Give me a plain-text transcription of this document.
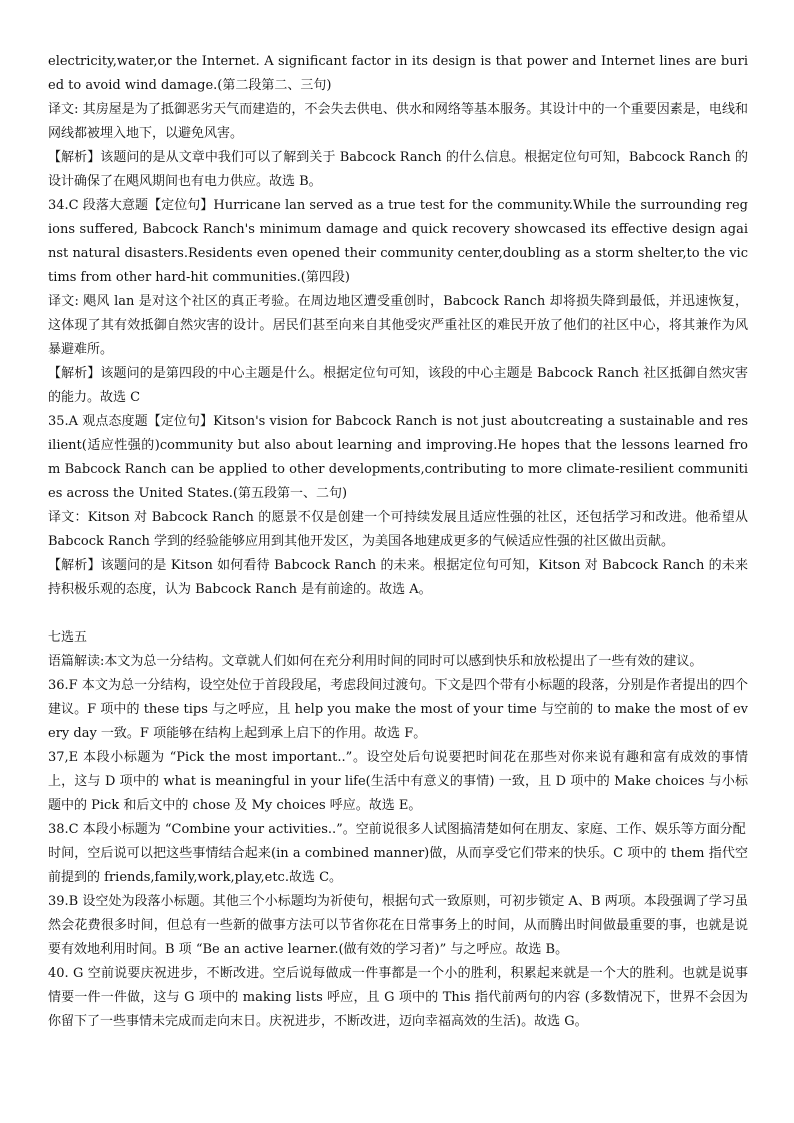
electricity,water,or the Internet. A significant factor in its design is that power and Internet lines are buried to avoid wind damage.(第二段第二、三句)

译文: 其房屋是为了抵御恶劣天气而建造的，不会失去供电、供水和网络等基本服务。其设计中的一个重要因素是，电线和网线都被埋入地下，以避免风害。

【解析】该题问的是从文章中我们可以了解到关于 Babcock Ranch 的什么信息。根据定位句可知，Babcock Ranch 的设计确保了在飓风期间也有电力供应。故选 B。

34.C 段落大意题【定位句】Hurricane lan served as a true test for the community.While the surrounding regions suffered, Babcock Ranch's minimum damage and quick recovery showcased its effective design against natural disasters.Residents even opened their community center,doubling as a storm shelter,to the victims from other hard-hit communities.(第四段)

译文: 飓风 lan 是对这个社区的真正考验。在周边地区遭受重创时，Babcock Ranch 却将损失降到最低，并迅速恢复，这体现了其有效抵御自然灾害的设计。居民们甚至向来自其他受灾严重社区的难民开放了他们的社区中心，将其兼作为风暴避难所。

【解析】该题问的是第四段的中心主题是什么。根据定位句可知，该段的中心主题是 Babcock Ranch 社区抵御自然灾害的能力。故选 C

35.A 观点态度题【定位句】Kitson's vision for Babcock Ranch is not just aboutcreating a sustainable and resilient(适应性强的)community but also about learning and improving.He hopes that the lessons learned from Babcock Ranch can be applied to other developments,contributing to more climate-resilient communities across the United States.(第五段第一、二句)

译文：Kitson 对 Babcock Ranch 的愿景不仅是创建一个可持续发展且适应性强的社区，还包括学习和改进。他希望从 Babcock Ranch 学到的经验能够应用到其他开发区，为美国各地建成更多的气候适应性强的社区做出贡献。

【解析】该题问的是 Kitson 如何看待 Babcock Ranch 的未来。根据定位句可知，Kitson 对 Babcock Ranch 的未来持积极乐观的态度，认为 Babcock Ranch 是有前途的。故选 A。

七选五

语篇解读:本文为总一分结构。文章就人们如何在充分利用时间的同时可以感到快乐和放松提出了一些有效的建议。

36.F 本文为总一分结构，设空处位于首段段尾，考虑段间过渡句。下文是四个带有小标题的段落，分别是作者提出的四个建议。F 项中的 these tips 与之呼应，且 help you make the most of your time 与空前的 to make the most of every day 一致。F 项能够在结构上起到承上启下的作用。故选 F。

37,E 本段小标题为 “Pick the most important..”。设空处后句说要把时间花在那些对你来说有趣和富有成效的事情上，这与 D 项中的 what is meaningful in your life(生活中有意义的事情) 一致，且 D 项中的 Make choices 与小标题中的 Pick 和后文中的 chose 及 My choices 呼应。故选 E。

38.C 本段小标题为 “Combine your activities..”。空前说很多人试图搞清楚如何在朋友、家庭、工作、娱乐等方面分配

时间，空后说可以把这些事情结合起来(in a combined manner)做，从而享受它们带来的快乐。C 项中的 them 指代空前提到的 friends,family,work,play,etc.故选 C。

39.B 设空处为段落小标题。其他三个小标题均为祈使句，根据句式一致原则，可初步锁定 A、B 两项。本段强调了学习虽然会花费很多时间，但总有一些新的做事方法可以节省你花在日常事务上的时间，从而腾出时间做最重要的事，也就是说要有效地利用时间。B 项 “Be an active learner.(做有效的学习者)” 与之呼应。故选 B。

40. G 空前说要庆祝进步，不断改进。空后说每做成一件事都是一个小的胜利，积累起来就是一个大的胜利。也就是说事情要一件一件做，这与 G 项中的 making lists 呼应，且 G 项中的 This 指代前两句的内容 (多数情况下，世界不会因为你留下了一些事情未完成而走向末日。庆祝进步，不断改进，迈向幸福高效的生活)。故选 G。
